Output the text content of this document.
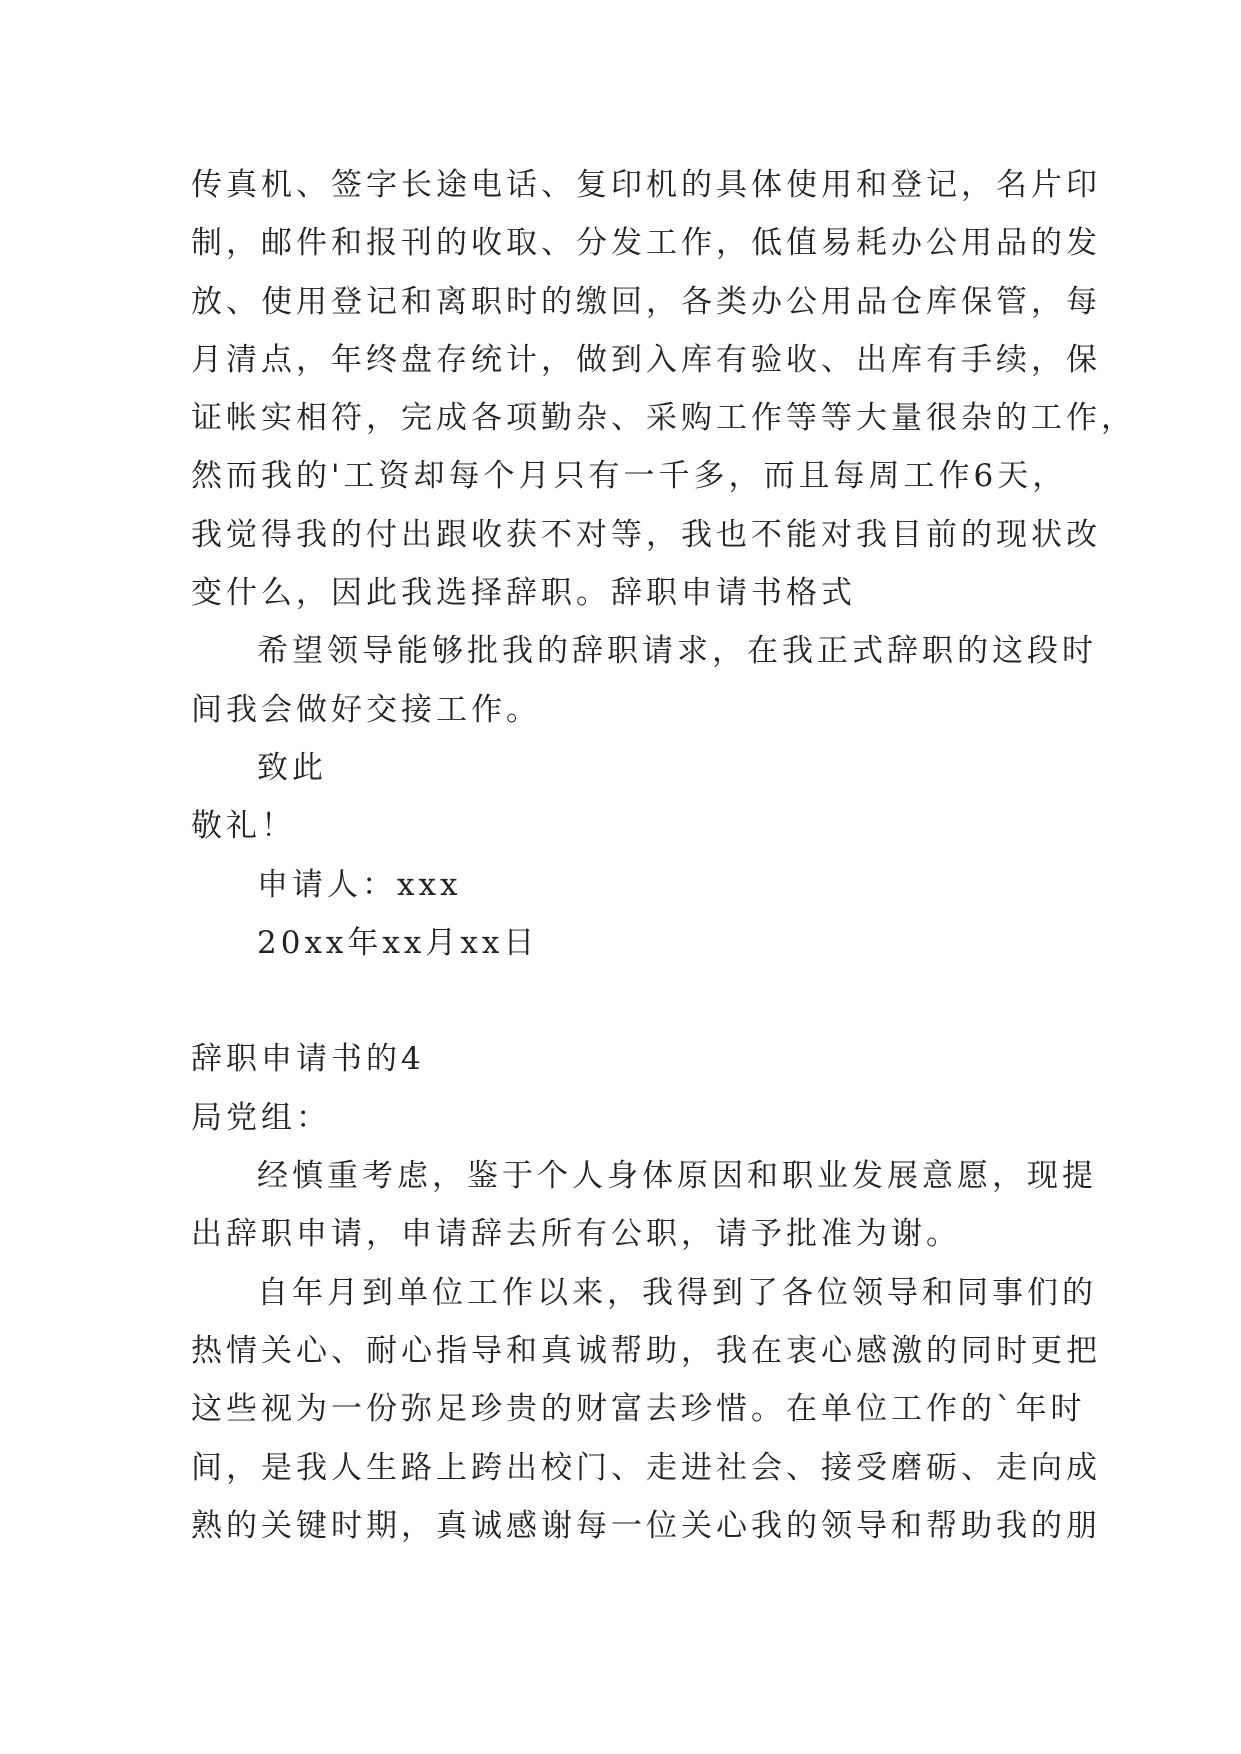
传真机、签字长途电话、复印机的具体使用和登记，名片印
制，邮件和报刊的收取、分发工作，低值易耗办公用品的发
放、使用登记和离职时的缴回，各类办公用品仓库保管，每
月清点，年终盘存统计，做到入库有验收、出库有手续，保
证帐实相符，完成各项勤杂、采购工作等等大量很杂的工作，
然而我的'工资却每个月只有一千多，而且每周工作6天，
我觉得我的付出跟收获不对等，我也不能对我目前的现状改
变什么，因此我选择辞职。辞职申请书格式
希望领导能够批我的辞职请求，在我正式辞职的这段时
间我会做好交接工作。
致此
敬礼！
申请人：xxx
20xx年xx月xx日
辞职申请书的4
局党组：
经慎重考虑，鉴于个人身体原因和职业发展意愿，现提
出辞职申请，申请辞去所有公职，请予批准为谢。
自年月到单位工作以来，我得到了各位领导和同事们的
热情关心、耐心指导和真诚帮助，我在衷心感激的同时更把
这些视为一份弥足珍贵的财富去珍惜。在单位工作的`年时
间，是我人生路上跨出校门、走进社会、接受磨砺、走向成
熟的关键时期，真诚感谢每一位关心我的领导和帮助我的朋
